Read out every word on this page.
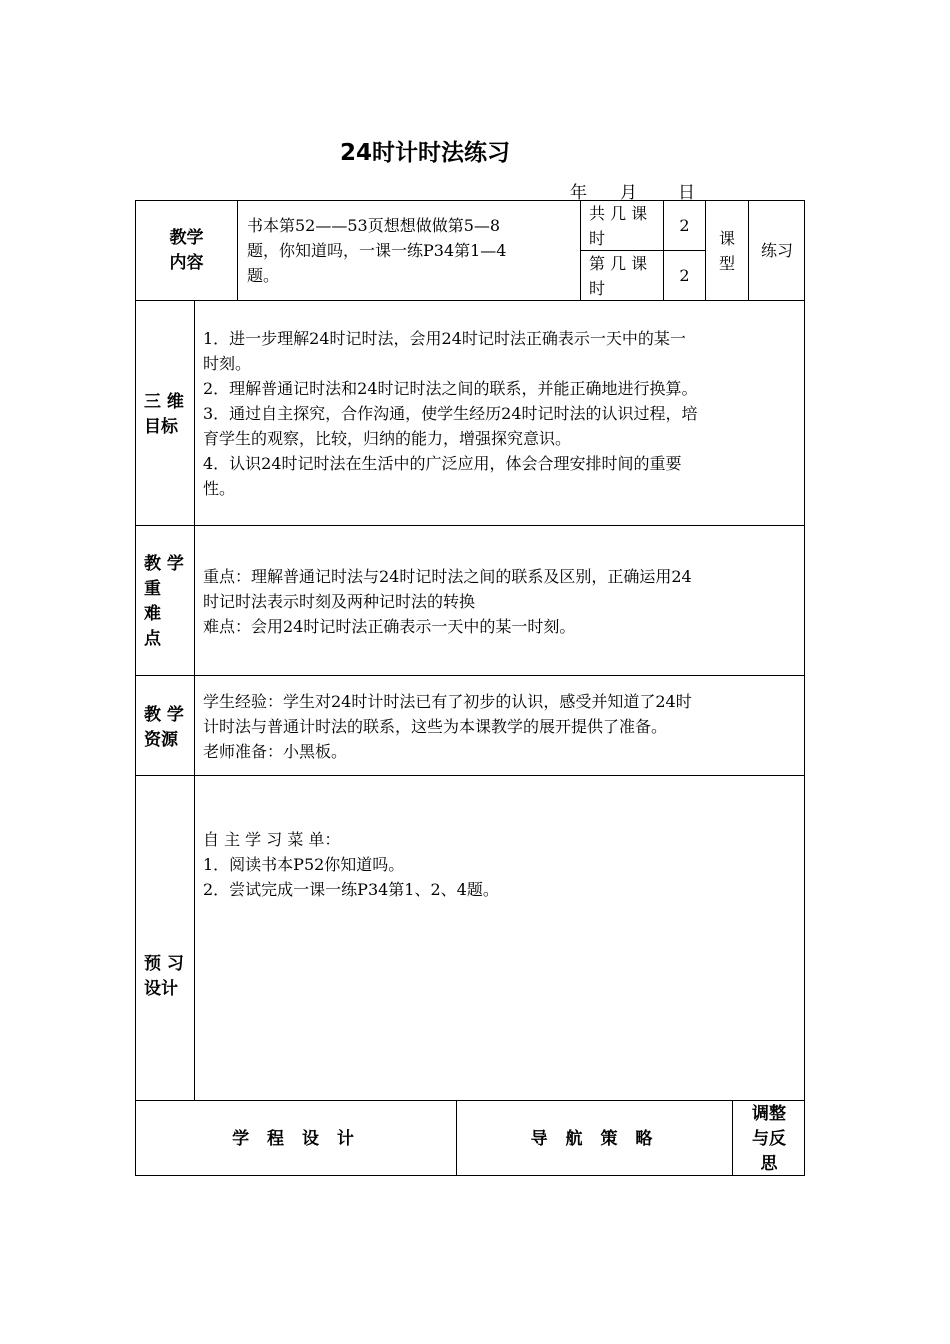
24时计时法练习
年 月 日
教学
内容
书本第52——53页想想做做第5—8
题，你知道吗，一课一练P34第1—4
题。
共 几 课
时
2
第 几 课
时
2
课
型
练习
三 维
目标
1．进一步理解24时记时法，会用24时记时法正确表示一天中的某一
时刻。
2．理解普通记时法和24时记时法之间的联系，并能正确地进行换算。
3．通过自主探究，合作沟通，使学生经历24时记时法的认识过程，培
育学生的观察，比较，归纳的能力，增强探究意识。
4．认识24时记时法在生活中的广泛应用，体会合理安排时间的重要
性。
教 学
重
难
点
重点：理解普通记时法与24时记时法之间的联系及区别，正确运用24
时记时法表示时刻及两种记时法的转换
难点：会用24时记时法正确表示一天中的某一时刻。
教 学
资源
学生经验：学生对24时计时法已有了初步的认识，感受并知道了24时
计时法与普通计时法的联系，这些为本课教学的展开提供了准备。
老师准备：小黑板。
预 习
设计
自 主 学 习 菜 单：
1．阅读书本P52你知道吗。
2．尝试完成一课一练P34第1、2、4题。
学 程 设 计	导 航 策 略
调整
与反
思
